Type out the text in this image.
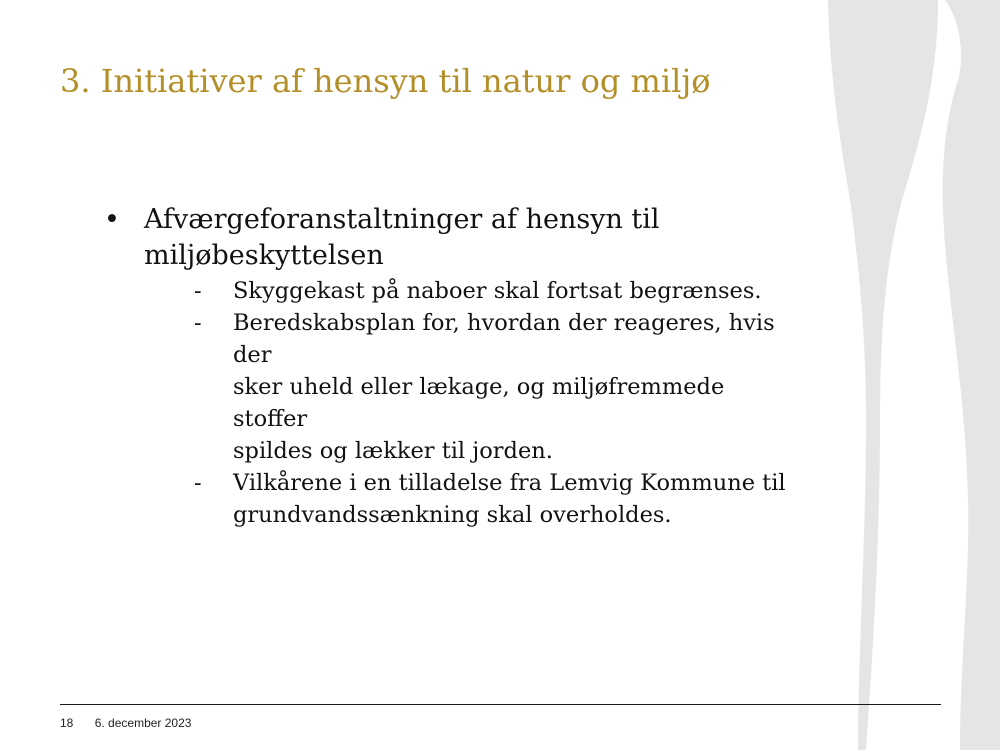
3. Initiativer af hensyn til natur og miljø
• Afværgeforanstaltninger af hensyn til
miljøbeskyttelsen
- Skyggekast på naboer skal fortsat begrænses.
- Beredskabsplan for, hvordan der reageres, hvis der
sker uheld eller lækage, og miljøfremmede stoffer
spildes og lækker til jorden.
- Vilkårene i en tilladelse fra Lemvig Kommune til
grundvandssænkning skal overholdes.
18 6. december 2023
